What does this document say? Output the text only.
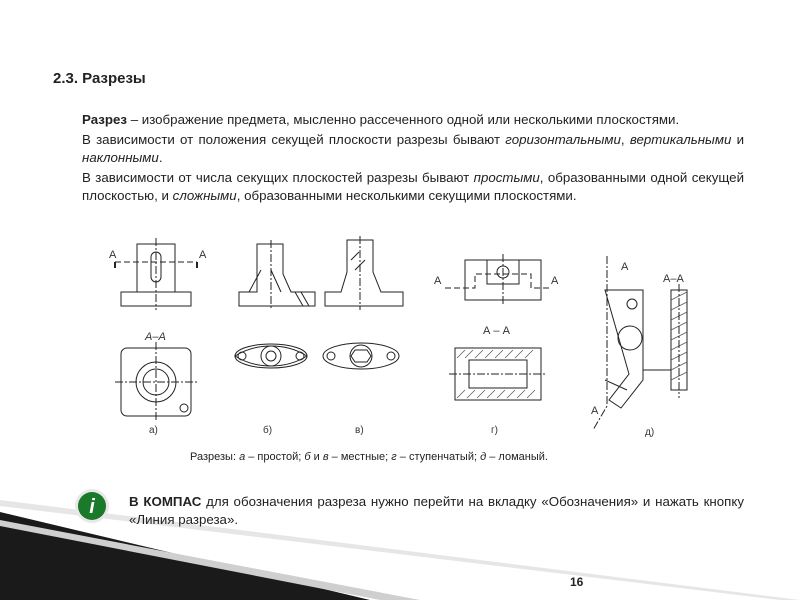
2.3. Разрезы

Разрез – изображение предмета, мысленно рассеченного одной или несколькими плоскостями.

В зависимости от положения секущей плоскости разрезы бывают горизонтальными, вертикальными и наклонными.

В зависимости от числа секущих плоскостей разрезы бывают простыми, образованными одной секущей плоскостью, и сложными, образованными несколькими секущими плоскостями.

А	А
А–А
А	А
А – А
А
А–А
А
а)	б)	в)	г)	д)
Разрезы: а – простой; б и в – местные; г – ступенчатый; д – ломаный.
i	В КОМПАС для обозначения разреза нужно перейти на вкладку «Обозначения» и нажать кнопку «Линия разреза».
16
